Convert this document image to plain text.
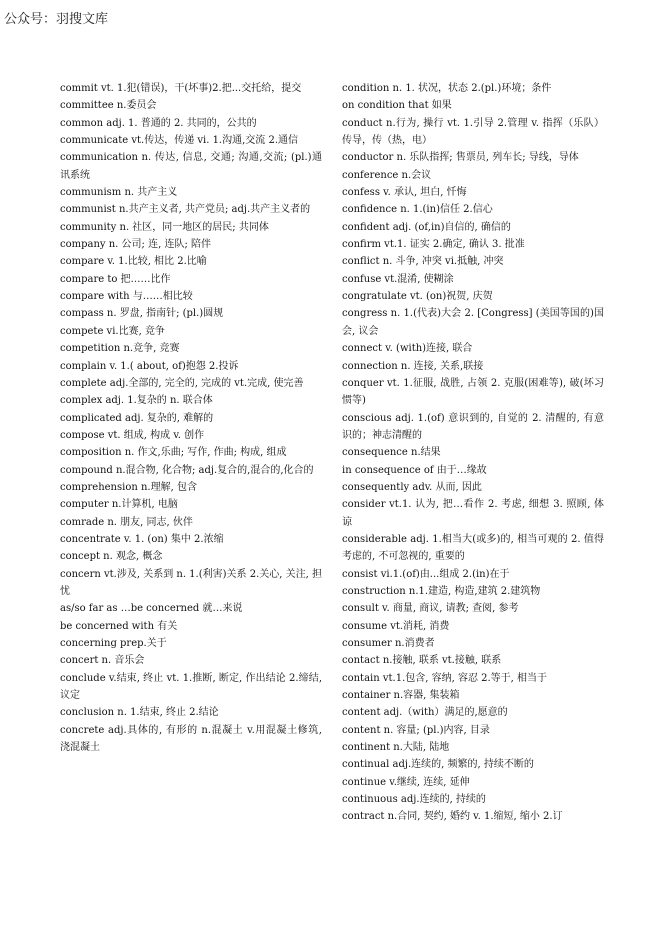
公众号：羽搜文库

commit vt. 1.犯(错误)，干(坏事)2.把...交托给，提交

committee n.委员会

common adj. 1. 普通的 2. 共同的，公共的

communicate vt.传达，传递 vi. 1.沟通,交流 2.通信

communication n. 传达, 信息, 交通; 沟通,交流; (pl.)通讯系统

communism n. 共产主义

communist n.共产主义者, 共产党员; adj.共产主义者的

community n. 社区，同一地区的居民; 共同体

company n. 公司; 连, 连队; 陪伴

compare v. 1.比较, 相比 2.比喻

compare to 把……比作

compare with 与……相比较

compass n. 罗盘, 指南针; (pl.)圆规

compete vi.比赛, 竞争

competition n.竞争, 竞赛

complain v. 1.( about, of)抱怨 2.投诉

complete adj.全部的, 完全的, 完成的 vt.完成, 使完善

complex adj. 1.复杂的 n. 联合体

complicated adj. 复杂的, 难解的

compose vt. 组成, 构成 v. 创作

composition n. 作文,乐曲; 写作, 作曲; 构成, 组成

compound n.混合物, 化合物; adj.复合的,混合的,化合的

comprehension n.理解, 包含

computer n.计算机, 电脑

comrade n. 朋友, 同志, 伙伴

concentrate v. 1. (on) 集中 2.浓缩

concept n. 观念, 概念

concern vt.涉及, 关系到 n. 1.(利害)关系 2.关心, 关注, 担忧

as/so far as …be concerned 就…来说

be concerned with 有关

concerning prep.关于

concert n. 音乐会

conclude v.结束, 终止 vt. 1.推断, 断定, 作出结论 2.缔结, 议定

conclusion n. 1.结束, 终止 2.结论

concrete adj.具体的, 有形的 n.混凝土 v.用混凝土修筑, 浇混凝土

condition n. 1. 状况，状态 2.(pl.)环境；条件

on condition that 如果

conduct n.行为, 操行 vt. 1.引导 2.管理 v. 指挥（乐队）传导，传（热，电）

conductor n. 乐队指挥; 售票员, 列车长; 导线，导体

conference n.会议

confess v. 承认, 坦白, 忏悔

confidence n. 1.(in)信任 2.信心

confident adj. (of,in)自信的, 确信的

confirm vt.1. 证实 2.确定, 确认 3. 批准

conflict n. 斗争, 冲突 vi.抵触, 冲突

confuse vt.混淆, 使糊涂

congratulate vt. (on)祝贺, 庆贺

congress n. 1.(代表)大会 2. [Congress] (美国等国的)国会, 议会

connect v. (with)连接, 联合

connection n. 连接, 关系,联接

conquer vt. 1.征服, 战胜, 占领 2. 克服(困难等), 破(坏习惯等)

conscious adj. 1.(of) 意识到的, 自觉的 2. 清醒的, 有意识的；神志清醒的

consequence n.结果

in consequence of 由于…缘故

consequently adv. 从而, 因此

consider vt.1. 认为, 把…看作 2. 考虑, 细想 3. 照顾, 体谅

considerable adj. 1.相当大(或多)的, 相当可观的 2. 值得考虑的, 不可忽视的, 重要的

consist vi.1.(of)由...组成 2.(in)在于

construction n.1.建造, 构造,建筑 2.建筑物

consult v. 商量, 商议, 请教; 查阅, 参考

consume vt.消耗, 消费

consumer n.消费者

contact n.接触, 联系 vt.接触, 联系

contain vt.1.包含, 容纳, 容忍 2.等于, 相当于

container n.容器, 集装箱

content adj.（with）满足的,愿意的

content n. 容量; (pl.)内容, 目录

continent n.大陆, 陆地

continual adj.连续的, 频繁的, 持续不断的

continue v.继续, 连续, 延伸

continuous adj.连续的, 持续的

contract n.合同, 契约, 婚约 v. 1.缩短, 缩小 2.订
